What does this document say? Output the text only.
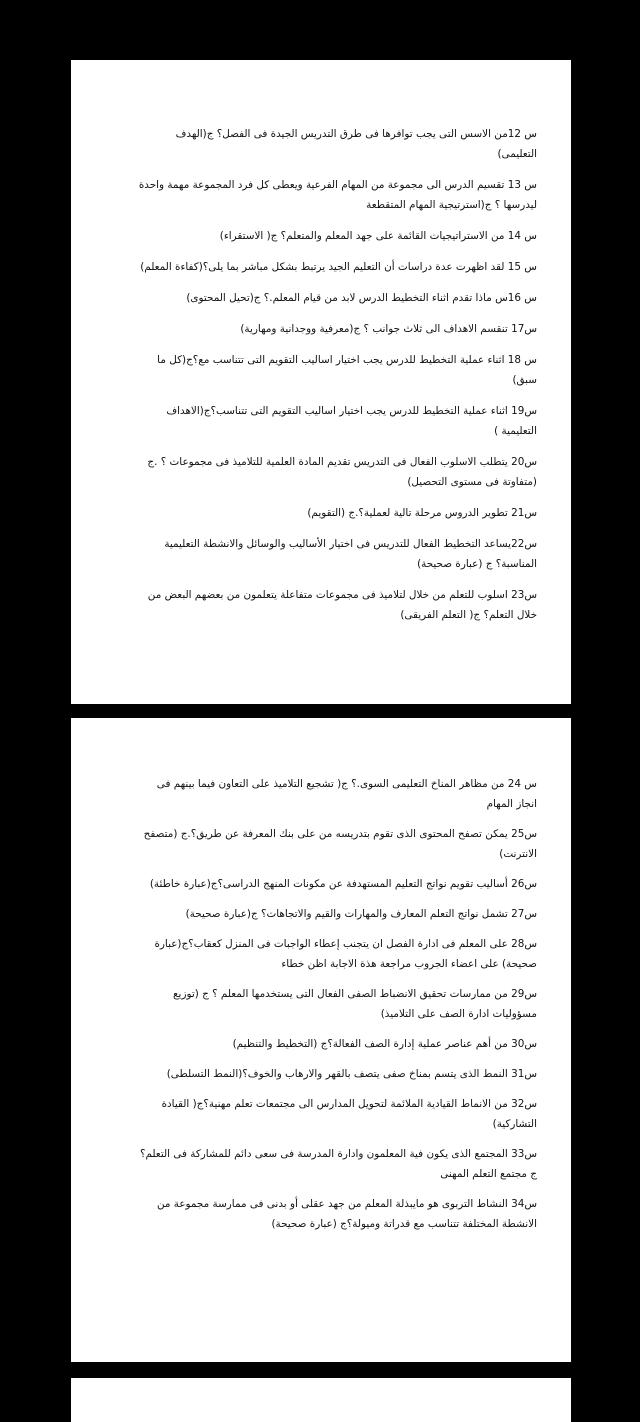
س 12من الاسس التى يجب توافرها فى طرق التدريس الجيدة فى الفصل؟ ج(الهدف التعليمى)

س 13 تقسيم الدرس الى مجموعة من المهام الفرعية ويعطى كل فرد المجموعة مهمة واحدة ليدرسها ؟ ج(استرتيجية المهام المتقطعة

س 14 من الاستراتيجيات القائمة على جهد المعلم والمتعلم؟ ج( الاستقراء)

س 15 لقد اظهرت عدة دراسات أن التعليم الجيد يرتبط بشكل مباشر بما يلى؟(كفاءة المعلم)

س 16س ماذا تقدم اثناء التخطيط الدرس لابد من قيام المعلم.؟ ج(تحيل المحتوى)

س17 تنقسم الاهداف الى ثلاث جوانب ؟ ج(معرفية ووجدانية ومهارية)

س 18 اثناء عملية التخطيط للدرس يجب اختيار اساليب التقويم التى تتناسب مع؟ج(كل ما سبق)

س19 اثناء عملية التخطيط للدرس يجب اختيار اساليب التقويم التى تتناسب؟ج(الاهداف التعليمية )

س20 يتطلب الاسلوب الفعال فى التدريس تقديم المادة العلمية للتلاميذ فى مجموعات ؟ .ج (متفاوتة فى مستوى التحصيل)

س21 تطوير الدروس مرحلة تالية لعملية؟.ج (التقويم)

س22يساعد التخطيط الفعال للتدريس فى اختيار الأساليب والوسائل والانشطة التعليمية المناسبة؟ ج (عبارة صحيحة)

س23 اسلوب للتعلم من خلال لتلاميذ فى مجموعات متفاعلة يتعلمون من بعضهم البعض من خلال التعلم؟ ج( التعلم الفريقى)

س 24 من مظاهر المناخ التعليمى السوى.؟ ج( تشجيع التلاميذ على التعاون فيما بينهم فى انجاز المهام

س25 يمكن تصفح المحتوى الذى تقوم بتدريسه من على بنك المعرفة عن طريق؟.ج (متصفح الانترنت)

س26 أساليب تقويم نواتج التعليم المستهدفة عن مكونات المنهج الدراسى؟ج(عبارة خاطئة)

س27 تشمل نواتج التعلم المعارف والمهارات والقيم والاتجاهات؟ ج(عبارة صحيحة)

س28 على المعلم فى ادارة الفصل ان يتجنب إعطاء الواجبات فى المنزل كعقاب؟ج(عبارة صحيحة) على اعضاء الجروب مراجعة هذة الاجابة اظن خطاء

س29 من ممارسات تحقيق الانضباط الصفى الفعال التى يستخدمها المعلم ؟ ج (توزيع مسؤوليات ادارة الصف على التلاميذ)

س30 من أهم عناصر عملية إدارة الصف الفعالة؟ج (التخطيط والتنظيم)

س31 النمط الذى يتسم بمناخ صفى يتصف بالقهر والارهاب والخوف؟(النمط التسلطى)

س32 من الانماط القيادية الملائمة لتحويل المدارس الى مجتمعات تعلم مهنية؟ج( القيادة التشاركية)

س33 المجتمع الذى يكون فية المعلمون وادارة المدرسة فى سعى دائم للمشاركة فى التعلم؟ ج مجتمع التعلم المهنى

س34 النشاط التربوى هو مايبذلة المعلم من جهد عقلى أو بدنى فى ممارسة مجموعة من الانشطة المختلفة تتناسب مع قدراتة وميولة؟ج (عبارة صحيحة)
